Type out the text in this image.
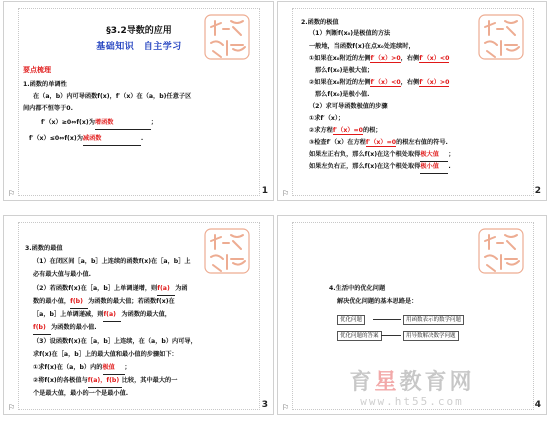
§3.2导数的应用
基础知识　自主学习
要点梳理
1.函数的单调性
在（a，b）内可导函数f(x)，f′（x）在（a，b)任意子区
间内都不恒等于0.
f′（x）≥0⇔f(x)为增函数	；
f′（x）≤0⇔f(x)为减函数	.
⚐	1
2.函数的极值
（1）判断f(x₀)是极值的方法
一般地，当函数f(x)在点x₀处连续时，
①如果在x₀附近的左侧f′（x）>0，右侧f′（x）<0
那么f(x₀)是极大值；
②如果在x₀附近的左侧f′（x）<0，右侧f′（x）>0
那么f(x₀)是极小值.
（2）求可导函数极值的步骤
①求f′（x）；
②求方程f′（x）=0的根；
③检查f′（x）在方程f′（x）=0的根左右值的符号.
如果左正右负，那么f(x)在这个根处取得极大值 ；
如果左负右正，那么f(x)在这个根处取得极小值 .
⚐	2
3.函数的最值
（1）在闭区间［a，b］上连续的函数f(x)在［a，b］上
必有最大值与最小值.
（2）若函数f(x)在［a，b］上单调递增，则f(a) 为函
数的最小值，f(b) 为函数的最大值；若函数f(x)在
［a，b］上单调递减，则f(a) 为函数的最大值，
f(b) 为函数的最小值.
（3）设函数f(x)在［a，b］上连续，在（a，b）内可导，
求f(x)在［a，b］上的最大值和最小值的步骤如下：
①求f(x)在（a，b）内的极值 ；
②将f(x)的各极值与f(a)，f(b) 比较，其中最大的一
个是最大值，最小的一个是最小值.
⚐	3
4.生活中的优化问题
解决优化问题的基本思路是：
优化问题	用函数表示的数学问题
优化问题的答案	用导数解决数学问题
⚐	4
育星教育网
www.ht55.com
